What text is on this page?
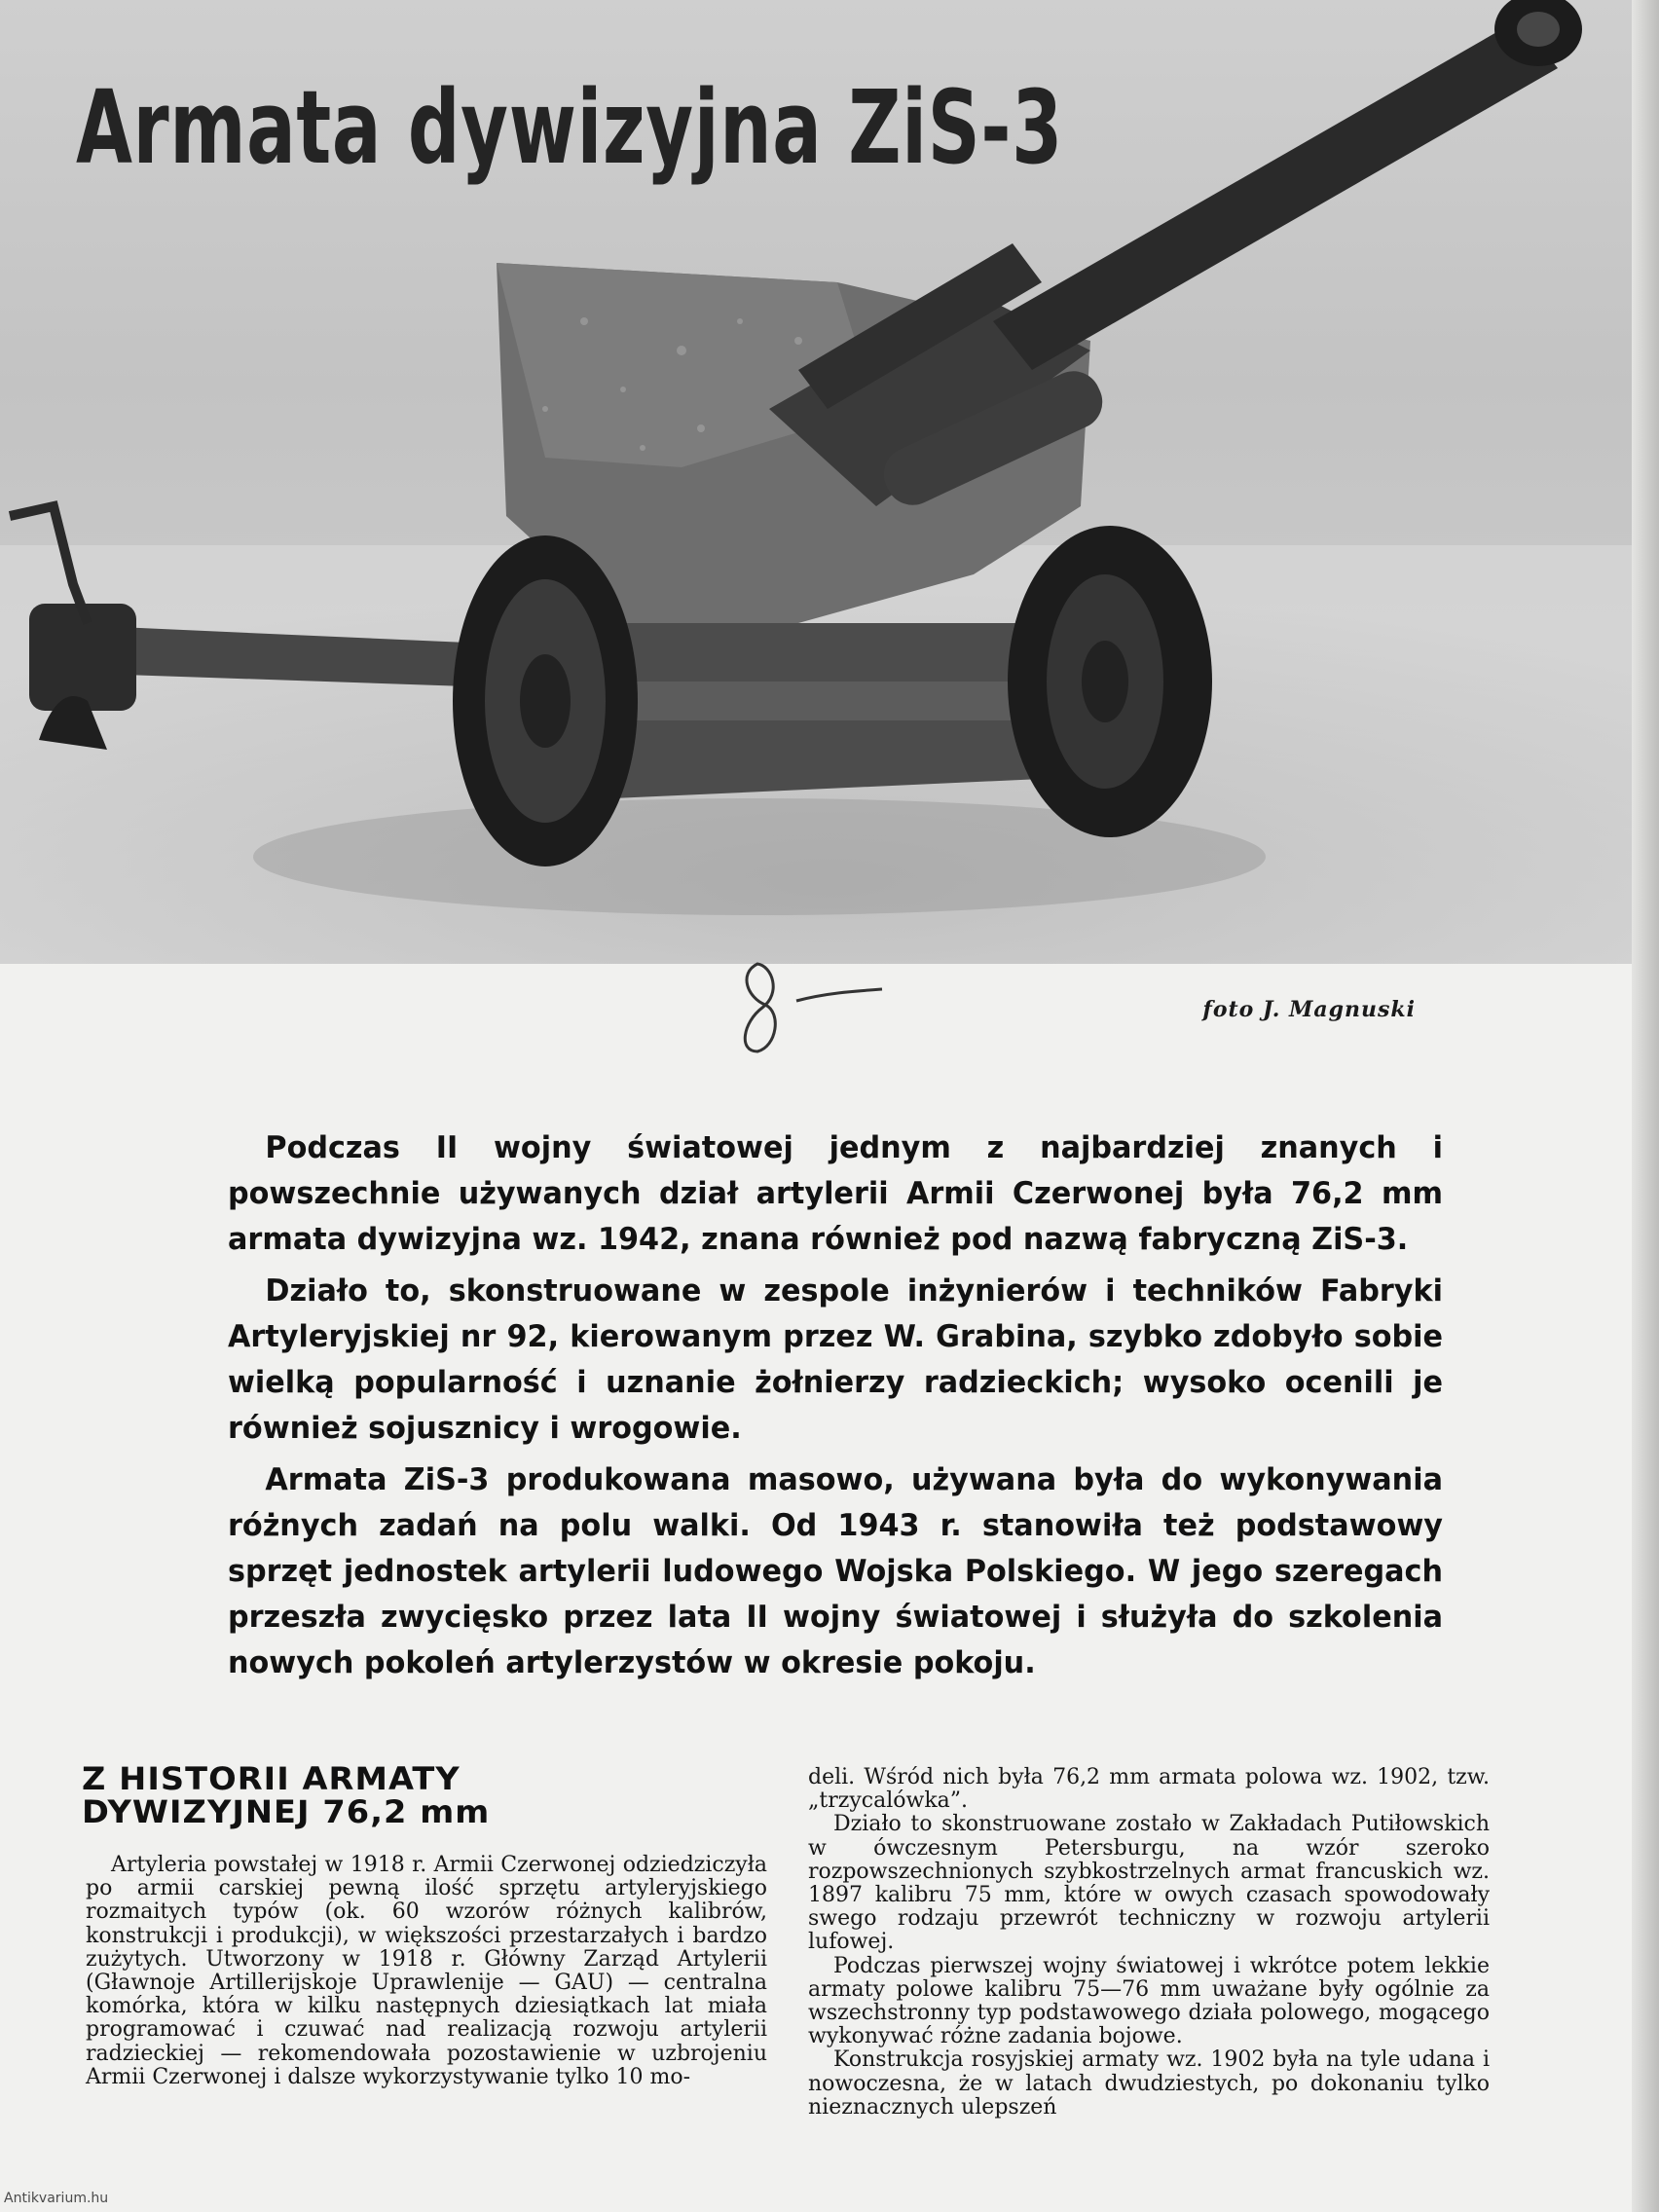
Armata dywizyjna ZiS-3
foto J. Magnuski

Podczas II wojny światowej jednym z najbardziej znanych i powszechnie używanych dział artylerii Armii Czerwonej była 76,2 mm armata dywizyjna wz. 1942, znana również pod nazwą fabryczną ZiS-3.

Działo to, skonstruowane w zespole inżynierów i techników Fabryki Artyleryjskiej nr 92, kierowanym przez W. Grabina, szybko zdobyło sobie wielką popularność i uznanie żołnierzy radzieckich; wysoko ocenili je również sojusznicy i wrogowie.

Armata ZiS-3 produkowana masowo, używana była do wykonywania różnych zadań na polu walki. Od 1943 r. stanowiła też podstawowy sprzęt jednostek artylerii ludowego Wojska Polskiego. W jego szeregach przeszła zwycięsko przez lata II wojny światowej i służyła do szkolenia nowych pokoleń artylerzystów w okresie pokoju.

Z HISTORII ARMATY
DYWIZYJNEJ 76,2 mm

Artyleria powstałej w 1918 r. Armii Czerwonej odziedziczyła po armii carskiej pewną ilość sprzętu artyleryjskiego rozmaitych typów (ok. 60 wzorów różnych kalibrów, konstrukcji i produkcji), w większości przestarzałych i bardzo zużytych. Utworzony w 1918 r. Główny Zarząd Artylerii (Gławnoje Artillerijskoje Uprawlenije — GAU) — centralna komórka, która w kilku następnych dziesiątkach lat miała programować i czuwać nad realizacją rozwoju artylerii radzieckiej — rekomendowała pozostawienie w uzbrojeniu Armii Czerwonej i dalsze wykorzystywanie tylko 10 mo-

deli. Wśród nich była 76,2 mm armata polowa wz. 1902, tzw. „trzycalówka”.

Działo to skonstruowane zostało w Zakładach Putiłowskich w ówczesnym Petersburgu, na wzór szeroko rozpowszechnionych szybkostrzelnych armat francuskich wz. 1897 kalibru 75 mm, które w owych czasach spowodowały swego rodzaju przewrót techniczny w rozwoju artylerii lufowej.

Podczas pierwszej wojny światowej i wkrótce potem lekkie armaty polowe kalibru 75—76 mm uważane były ogólnie za wszechstronny typ podstawowego działa polowego, mogącego wykonywać różne zadania bojowe.

Konstrukcja rosyjskiej armaty wz. 1902 była na tyle udana i nowoczesna, że w latach dwudziestych, po dokonaniu tylko nieznacznych ulepszeń

Antikvarium.hu
